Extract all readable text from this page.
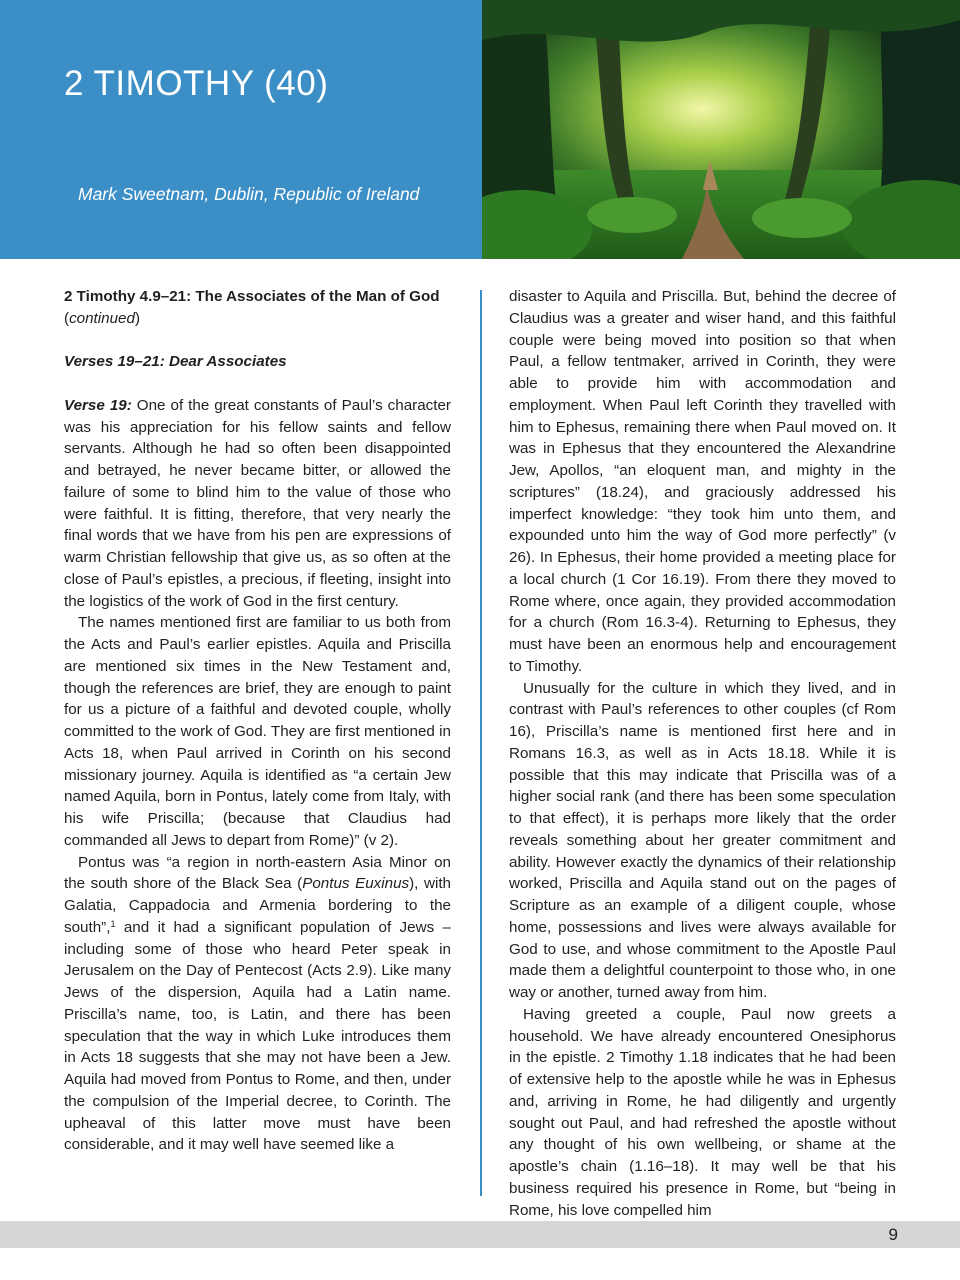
2 TIMOTHY (40)

Mark Sweetnam, Dublin, Republic of Ireland

2 Timothy 4.9–21: The Associates of the Man of God
(continued)

Verses 19–21: Dear Associates

Verse 19: One of the great constants of Paul’s character was his appreciation for his fellow saints and fellow servants. Although he had so often been disappointed and betrayed, he never became bitter, or allowed the failure of some to blind him to the value of those who were faithful. It is fitting, therefore, that very nearly the final words that we have from his pen are expressions of warm Christian fellowship that give us, as so often at the close of Paul’s epistles, a precious, if fleeting, insight into the logistics of the work of God in the first century.

The names mentioned first are familiar to us both from the Acts and Paul’s earlier epistles. Aquila and Priscilla are mentioned six times in the New Testament and, though the references are brief, they are enough to paint for us a picture of a faithful and devoted couple, wholly committed to the work of God. They are first mentioned in Acts 18, when Paul arrived in Corinth on his second missionary journey. Aquila is identified as “a certain Jew named Aquila, born in Pontus, lately come from Italy, with his wife Priscilla; (because that Claudius had commanded all Jews to depart from Rome)” (v 2).

Pontus was “a region in north-eastern Asia Minor on the south shore of the Black Sea (Pontus Euxinus), with Galatia, Cappadocia and Armenia bordering to the south”,$^1$ and it had a significant population of Jews – including some of those who heard Peter speak in Jerusalem on the Day of Pentecost (Acts 2.9). Like many Jews of the dispersion, Aquila had a Latin name. Priscilla’s name, too, is Latin, and there has been speculation that the way in which Luke introduces them in Acts 18 suggests that she may not have been a Jew. Aquila had moved from Pontus to Rome, and then, under the compulsion of the Imperial decree, to Corinth. The upheaval of this latter move must have been considerable, and it may well have seemed like a

disaster to Aquila and Priscilla. But, behind the decree of Claudius was a greater and wiser hand, and this faithful couple were being moved into position so that when Paul, a fellow tentmaker, arrived in Corinth, they were able to provide him with accommodation and employment. When Paul left Corinth they travelled with him to Ephesus, remaining there when Paul moved on. It was in Ephesus that they encountered the Alexandrine Jew, Apollos, “an eloquent man, and mighty in the scriptures” (18.24), and graciously addressed his imperfect knowledge: “they took him unto them, and expounded unto him the way of God more perfectly” (v 26). In Ephesus, their home provided a meeting place for a local church (1 Cor 16.19). From there they moved to Rome where, once again, they provided accommodation for a church (Rom 16.3-4). Returning to Ephesus, they must have been an enormous help and encouragement to Timothy.

Unusually for the culture in which they lived, and in contrast with Paul’s references to other couples (cf Rom 16), Priscilla’s name is mentioned first here and in Romans 16.3, as well as in Acts 18.18. While it is possible that this may indicate that Priscilla was of a higher social rank (and there has been some speculation to that effect), it is perhaps more likely that the order reveals something about her greater commitment and ability. However exactly the dynamics of their relationship worked, Priscilla and Aquila stand out on the pages of Scripture as an example of a diligent couple, whose home, possessions and lives were always available for God to use, and whose commitment to the Apostle Paul made them a delightful counterpoint to those who, in one way or another, turned away from him.

Having greeted a couple, Paul now greets a household. We have already encountered Onesiphorus in the epistle. 2 Timothy 1.18 indicates that he had been of extensive help to the apostle while he was in Ephesus and, arriving in Rome, he had diligently and urgently sought out Paul, and had refreshed the apostle without any thought of his own wellbeing, or shame at the apostle’s chain (1.16–18). It may well be that his business required his presence in Rome, but “being in Rome, his love compelled him

9
